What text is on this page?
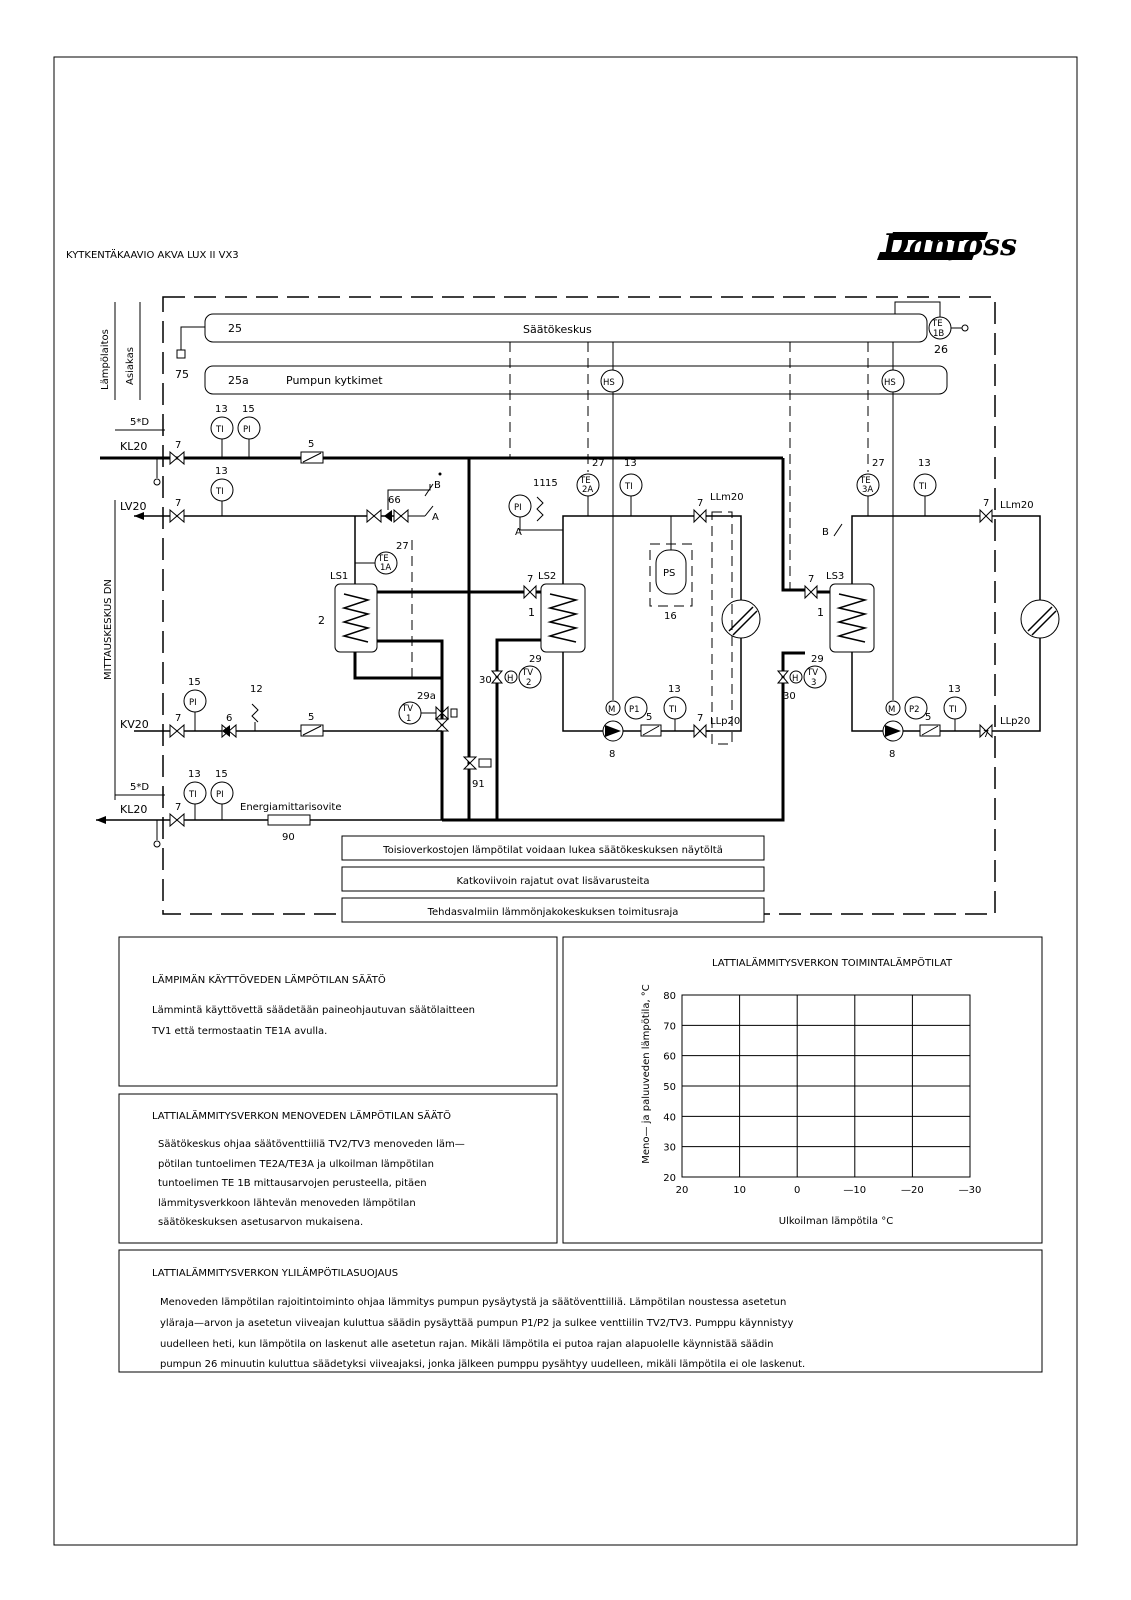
KYTKENTÄKAAVIO AKVA LUX II VX3	Danfoss
Lämpölaitos Asiakas
MITTAUSKESKUS DN
25	Säätökeskus
25a	Pumpun kytkimet
75
TE
1B
26
HS	HS
5*D
KL20	7
TI
13
PI
15
5
LV20	7
TI
13
66
A
B
LS1
2
TE
1A
27
TV
1
29a
KV20	7
PI
15
6
12
5
5*D
KL20	7
TI
13
PI
15
Energiamittarisovite
90
91
LS2
1
7
PI
15
11
A
TE
2A
27
TI
13
7
LLm20
LLp20
7
PS
16
M P1
8
5
TI
13
30 H
TV
2
29
LS3
1
7
B
TE
3A
27
TI
13
7 LLm20
LLp20
7
M P2
8
5
TI
13
30
H
TV
3
29
Toisioverkostojen lämpötilat voidaan lukea säätökeskuksen näytöltä
Katkoviivoin rajatut ovat lisävarusteita
Tehdasvalmiin lämmönjakokeskuksen toimitusraja
LÄMPIMÄN KÄYTTÖVEDEN LÄMPÖTILAN SÄÄTÖ
Lämmintä käyttövettä säädetään paineohjautuvan säätölaitteen
TV1 että termostaatin TE1A avulla.
LATTIALÄMMITYSVERKON MENOVEDEN LÄMPÖTILAN SÄÄTÖ
Säätökeskus ohjaa säätöventtiiliä TV2/TV3 menoveden läm—
pötilan tuntoelimen TE2A/TE3A ja ulkoilman lämpötilan
tuntoelimen TE 1B mittausarvojen perusteella, pitäen
lämmitysverkkoon lähtevän menoveden lämpötilan
säätökeskuksen asetusarvon mukaisena.
LATTIALÄMMITYSVERKON YLILÄMPÖTILASUOJAUS
Menoveden lämpötilan rajoitintoiminto ohjaa lämmitys pumpun pysäytystä ja säätöventtiiliä. Lämpötilan noustessa asetetun
yläraja—arvon ja asetetun viiveajan kuluttua säädin pysäyttää pumpun P1/P2 ja sulkee venttiilin TV2/TV3. Pumppu käynnistyy
uudelleen heti, kun lämpötila on laskenut alle asetetun rajan. Mikäli lämpötila ei putoa rajan alapuolelle käynnistää säädin
pumpun 26 minuutin kuluttua säädetyksi viiveajaksi, jonka jälkeen pumppu pysähtyy uudelleen, mikäli lämpötila ei ole laskenut.
20	10	0	—10	—20	—30
20
30
40
50
60
70
80
LATTIALÄMMITYSVERKON TOIMINTALÄMPÖTILAT
Ulkoilman lämpötila °C
Meno— ja paluuveden lämpötila, °C
